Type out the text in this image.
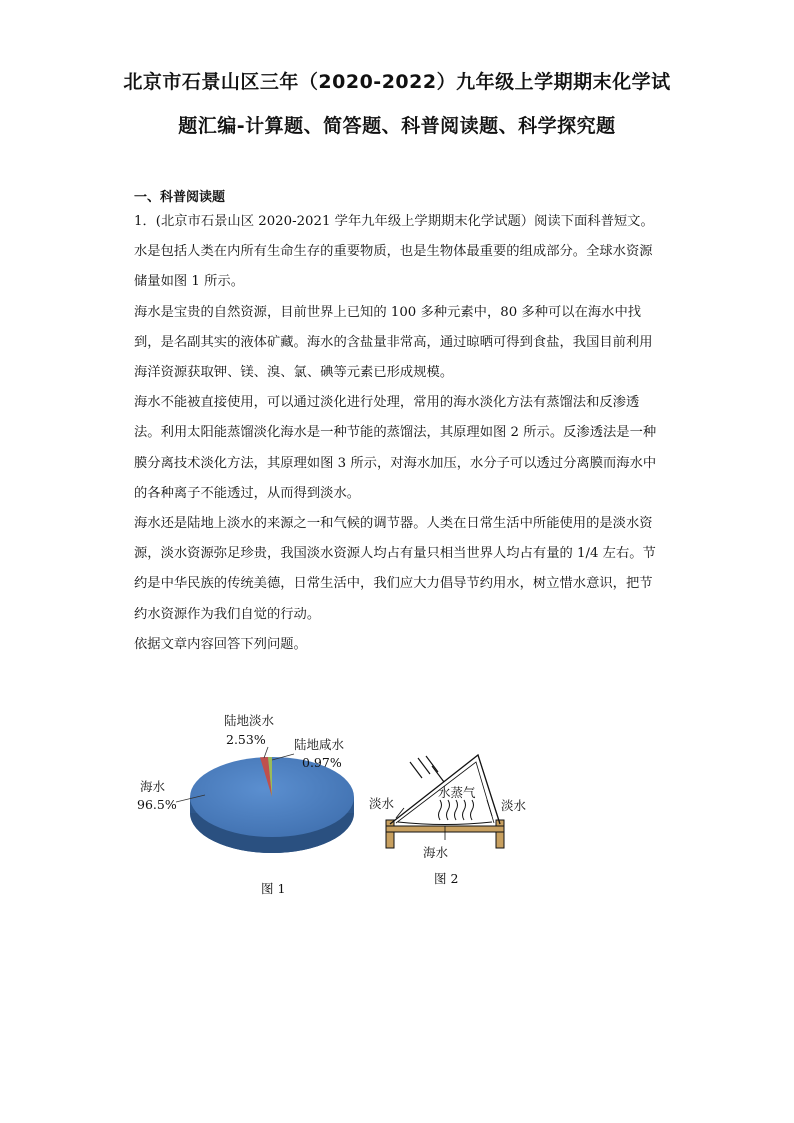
北京市石景山区三年（2020-2022）九年级上学期期末化学试
题汇编-计算题、简答题、科普阅读题、科学探究题
一、科普阅读题

1．(北京市石景山区 2020-2021 学年九年级上学期期末化学试题）阅读下面科普短文。

水是包括人类在内所有生命生存的重要物质，也是生物体最重要的组成部分。全球水资源储量如图 1 所示。

海水是宝贵的自然资源，目前世界上已知的 100 多种元素中，80 多种可以在海水中找到，是名副其实的液体矿藏。海水的含盐量非常高，通过晾晒可得到食盐，我国目前利用海洋资源获取钾、镁、溴、氯、碘等元素已形成规模。

海水不能被直接使用，可以通过淡化进行处理，常用的海水淡化方法有蒸馏法和反渗透法。利用太阳能蒸馏淡化海水是一种节能的蒸馏法，其原理如图 2 所示。反渗透法是一种膜分离技术淡化方法，其原理如图 3 所示，对海水加压，水分子可以透过分离膜而海水中的各种离子不能透过，从而得到淡水。

海水还是陆地上淡水的来源之一和气候的调节器。人类在日常生活中所能使用的是淡水资源，淡水资源弥足珍贵，我国淡水资源人均占有量只相当世界人均占有量的 1/4 左右。节约是中华民族的传统美德，日常生活中，我们应大力倡导节约用水，树立惜水意识，把节约水资源作为我们自觉的行动。

依据文章内容回答下列问题。

陆地淡水
2.53% 陆地咸水
0.97%
海水
96.5%
图 1
淡水	淡水
水蒸气
海水
图 2
